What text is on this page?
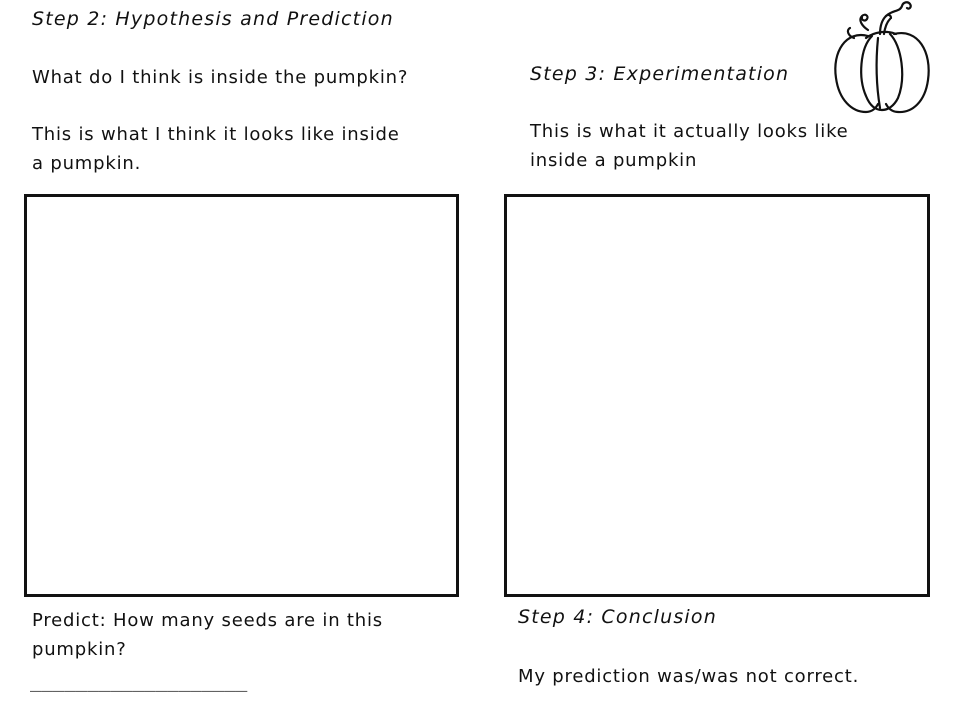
Step 2: Hypothesis and Prediction

What do I think is inside the pumpkin?

This is what I think it looks like inside
a pumpkin.
Predict: How many seeds are in this
pumpkin?

___________________

Step 3: Experimentation
This is what it actually looks like
inside a pumpkin
Step 4: Conclusion

My prediction was/was not correct.
